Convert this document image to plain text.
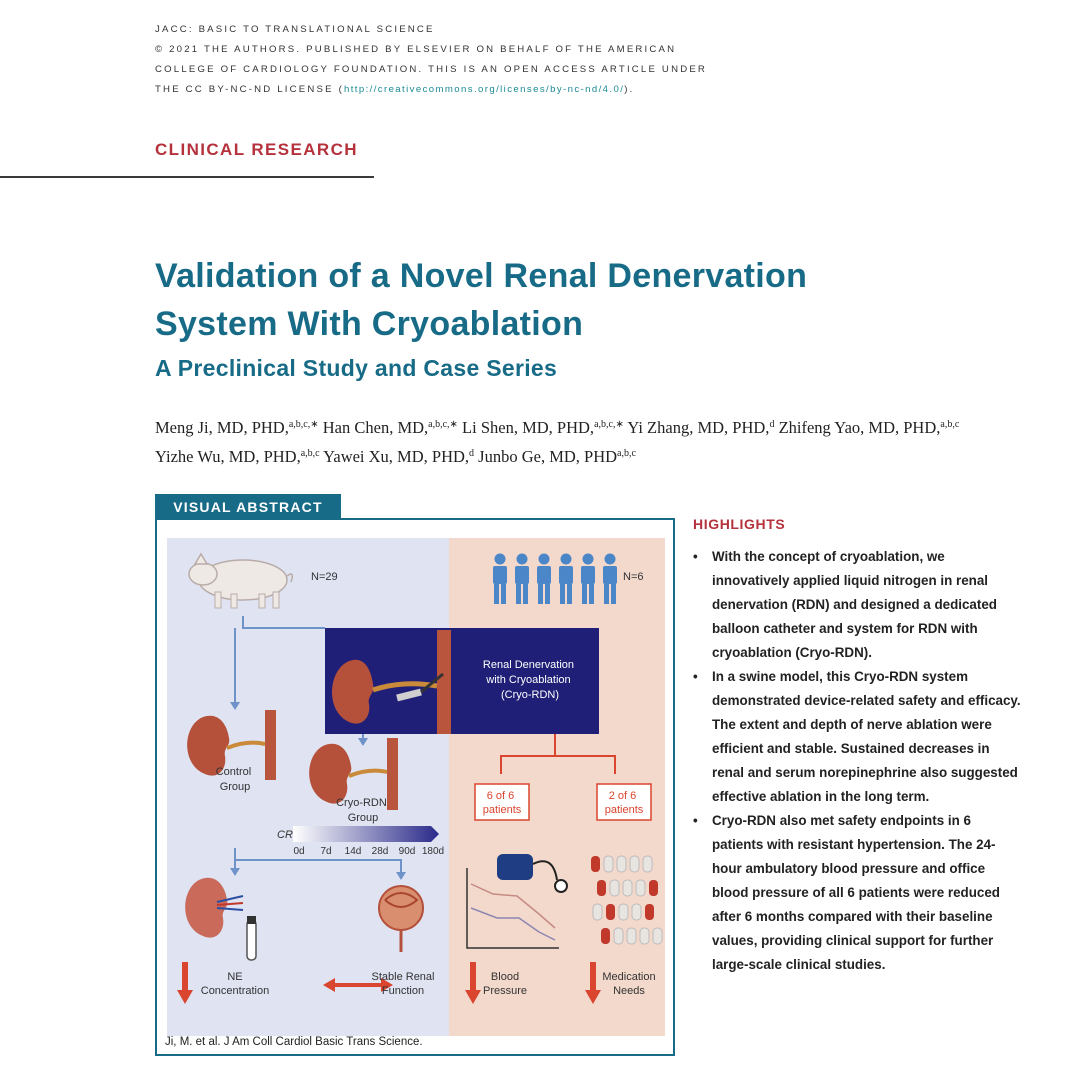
JACC: BASIC TO TRANSLATIONAL SCIENCE
© 2021 THE AUTHORS. PUBLISHED BY ELSEVIER ON BEHALF OF THE AMERICAN
COLLEGE OF CARDIOLOGY FOUNDATION. THIS IS AN OPEN ACCESS ARTICLE UNDER
THE CC BY-NC-ND LICENSE (http://creativecommons.org/licenses/by-nc-nd/4.0/).
CLINICAL RESEARCH
Validation of a Novel Renal Denervation
System With Cryoablation
A Preclinical Study and Case Series
Meng Ji, MD, PHD,$^{a,b,c,∗}$ Han Chen, MD,$^{a,b,c,∗}$ Li Shen, MD, PHD,$^{a,b,c,∗}$ Yi Zhang, MD, PHD,$^d$ Zhifeng Yao, MD, PHD,$^{a,b,c}$
Yizhe Wu, MD, PHD,$^{a,b,c}$ Yawei Xu, MD, PHD,$^d$ Junbo Ge, MD, PHD$^{a,b,c}$
VISUAL ABSTRACT
N=29	N=6
Renal Denervation with Cryoablation (Cryo-RDN)
Control Group
Cryo-RDN Group
CR
0d 7d 14d 28d 90d 180d
6 of 6 patients
2 of 6 patients
NE Concentration
Stable Renal Function
Blood Pressure
Medication Needs
Ji, M. et al. J Am Coll Cardiol Basic Trans Science.
HIGHLIGHTS
• With the concept of cryoablation, we innovatively applied liquid nitrogen in renal denervation (RDN) and designed a dedicated balloon catheter and system for RDN with cryoablation (Cryo-RDN).
• In a swine model, this Cryo-RDN system demonstrated device-related safety and efficacy. The extent and depth of nerve ablation were efficient and stable. Sustained decreases in renal and serum norepinephrine also suggested effective ablation in the long term.
• Cryo-RDN also met safety endpoints in 6 patients with resistant hypertension. The 24-hour ambulatory blood pressure and office blood pressure of all 6 patients were reduced after 6 months compared with their baseline values, providing clinical support for further large-scale clinical studies.
